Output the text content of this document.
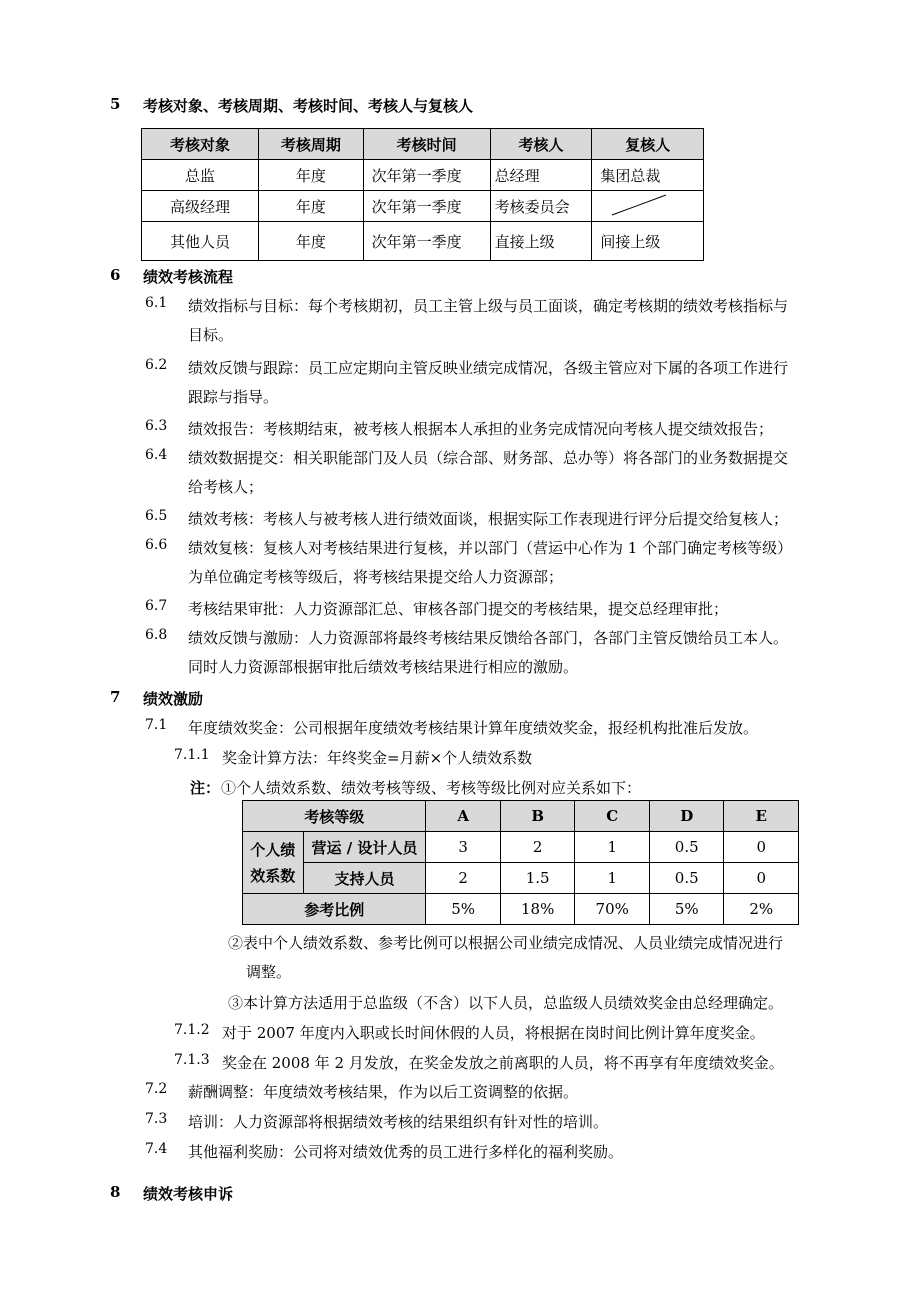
5 考核对象、考核周期、考核时间、考核人与复核人
考核对象	考核周期	考核时间	考核人	复核人
总监	年度	次年第一季度	总经理	集团总裁
高级经理	年度	次年第一季度	考核委员会	

其他人员	年度	次年第一季度	直接上级	间接上级
6 绩效考核流程
6.1 绩效指标与目标：每个考核期初，员工主管上级与员工面谈，确定考核期的绩效考核指标与
目标。
6.2 绩效反馈与跟踪：员工应定期向主管反映业绩完成情况，各级主管应对下属的各项工作进行
跟踪与指导。
6.3 绩效报告：考核期结束，被考核人根据本人承担的业务完成情况向考核人提交绩效报告；
6.4 绩效数据提交：相关职能部门及人员（综合部、财务部、总办等）将各部门的业务数据提交
给考核人；
6.5 绩效考核：考核人与被考核人进行绩效面谈，根据实际工作表现进行评分后提交给复核人；
6.6 绩效复核：复核人对考核结果进行复核，并以部门（营运中心作为 1 个部门确定考核等级）
为单位确定考核等级后，将考核结果提交给人力资源部；
6.7 考核结果审批：人力资源部汇总、审核各部门提交的考核结果，提交总经理审批；
6.8 绩效反馈与激励：人力资源部将最终考核结果反馈给各部门，各部门主管反馈给员工本人。
同时人力资源部根据审批后绩效考核结果进行相应的激励。
7 绩效激励
7.1 年度绩效奖金：公司根据年度绩效考核结果计算年度绩效奖金，报经机构批准后发放。
7.1.1 奖金计算方法：年终奖金=月薪×个人绩效系数
注： ①个人绩效系数、绩效考核等级、考核等级比例对应关系如下：
考核等级		A	B	C	D	E

个人绩
效系数	营运 / 设计人员	3	2	1	0.5	0
	支持人员	2	1.5	1	0.5	0
参考比例		5%	18%	70%	5%	2%
②表中个人绩效系数、参考比例可以根据公司业绩完成情况、人员业绩完成情况进行
调整。
③本计算方法适用于总监级（不含）以下人员，总监级人员绩效奖金由总经理确定。
7.1.2 对于 2007 年度内入职或长时间休假的人员，将根据在岗时间比例计算年度奖金。
7.1.3 奖金在 2008 年 2 月发放，在奖金发放之前离职的人员，将不再享有年度绩效奖金。
7.2 薪酬调整：年度绩效考核结果，作为以后工资调整的依据。
7.3 培训：人力资源部将根据绩效考核的结果组织有针对性的培训。
7.4 其他福利奖励：公司将对绩效优秀的员工进行多样化的福利奖励。
8 绩效考核申诉
